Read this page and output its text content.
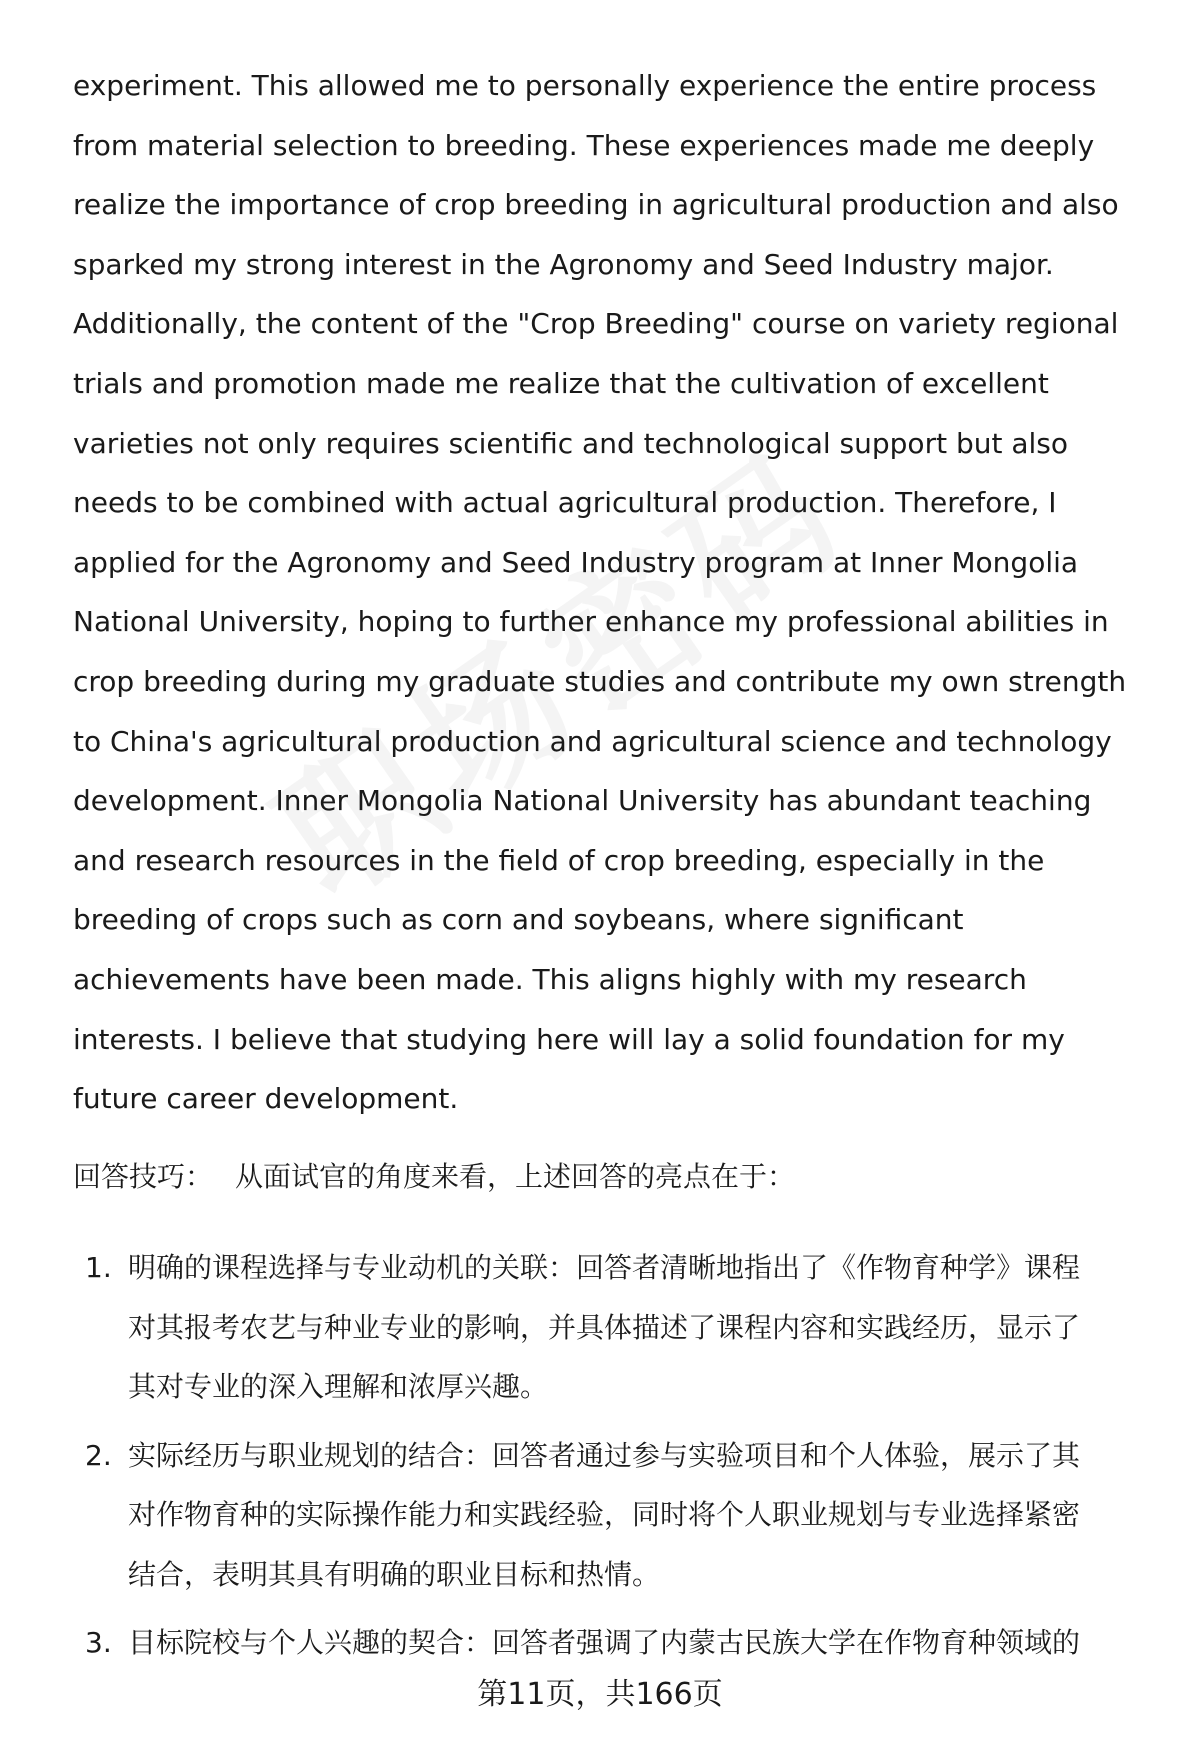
experiment. This allowed me to personally experience the entire process
from material selection to breeding. These experiences made me deeply
realize the importance of crop breeding in agricultural production and also
sparked my strong interest in the Agronomy and Seed Industry major.
Additionally, the content of the "Crop Breeding" course on variety regional
trials and promotion made me realize that the cultivation of excellent
varieties not only requires scientific and technological support but also
needs to be combined with actual agricultural production. Therefore, I
applied for the Agronomy and Seed Industry program at Inner Mongolia
National University, hoping to further enhance my professional abilities in
crop breeding during my graduate studies and contribute my own strength
to China's agricultural production and agricultural science and technology
development. Inner Mongolia National University has abundant teaching
and research resources in the field of crop breeding, especially in the
breeding of crops such as corn and soybeans, where significant
achievements have been made. This aligns highly with my research
interests. I believe that studying here will lay a solid foundation for my
future career development.
回答技巧： 从面试官的角度来看，上述回答的亮点在于：
1. 明确的课程选择与专业动机的关联：回答者清晰地指出了《作物育种学》课程
对其报考农艺与种业专业的影响，并具体描述了课程内容和实践经历，显示了
其对专业的深入理解和浓厚兴趣。
2. 实际经历与职业规划的结合：回答者通过参与实验项目和个人体验，展示了其
对作物育种的实际操作能力和实践经验，同时将个人职业规划与专业选择紧密
结合，表明其具有明确的职业目标和热情。
3. 目标院校与个人兴趣的契合：回答者强调了内蒙古民族大学在作物育种领域的
第11页，共166页
